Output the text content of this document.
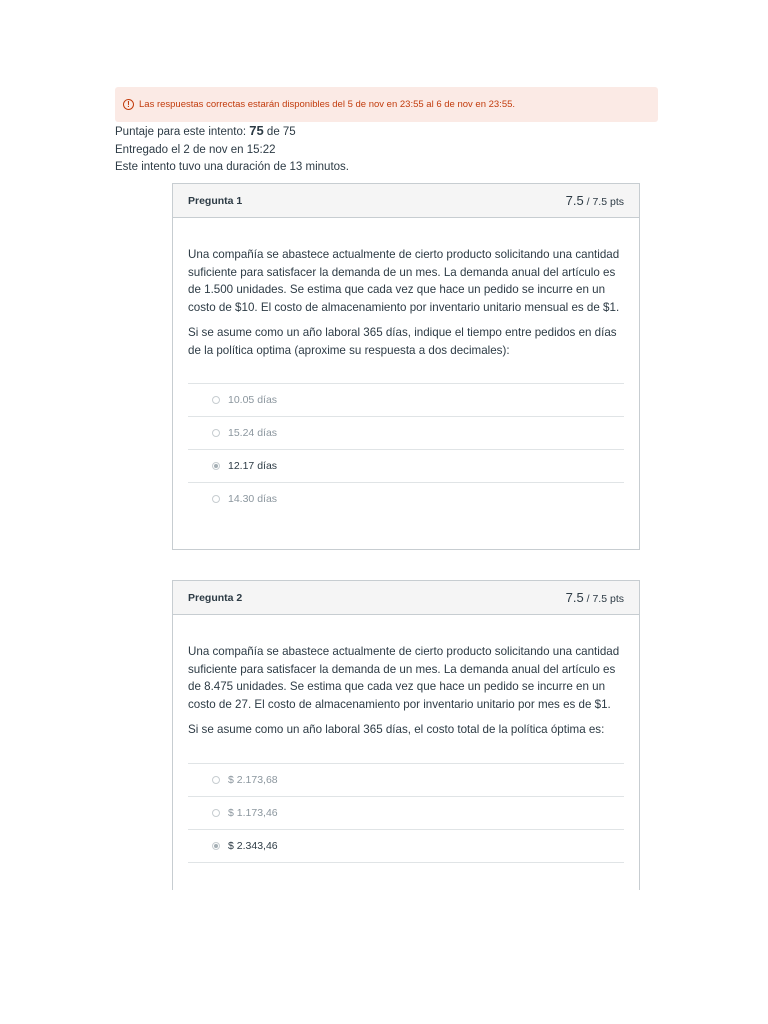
! Las respuestas correctas estarán disponibles del 5 de nov en 23:55 al 6 de nov en 23:55.
Puntaje para este intento: 75 de 75
Entregado el 2 de nov en 15:22
Este intento tuvo una duración de 13 minutos.
Pregunta 1	7.5 / 7.5 pts

Una compañía se abastece actualmente de cierto producto solicitando una cantidad suficiente para satisfacer la demanda de un mes. La demanda anual del artículo es de 1.500 unidades. Se estima que cada vez que hace un pedido se incurre en un costo de $10. El costo de almacenamiento por inventario unitario mensual es de $1.

Si se asume como un año laboral 365 días, indique el tiempo entre pedidos en días de la política optima (aproxime su respuesta a dos decimales):

10.05 días
15.24 días
12.17 días
14.30 días
Pregunta 2	7.5 / 7.5 pts

Una compañía se abastece actualmente de cierto producto solicitando una cantidad suficiente para satisfacer la demanda de un mes. La demanda anual del artículo es de 8.475 unidades. Se estima que cada vez que hace un pedido se incurre en un costo de 27. El costo de almacenamiento por inventario unitario por mes es de $1.

Si se asume como un año laboral 365 días, el costo total de la política óptima es:

$ 2.173,68
$ 1.173,46
$ 2.343,46
